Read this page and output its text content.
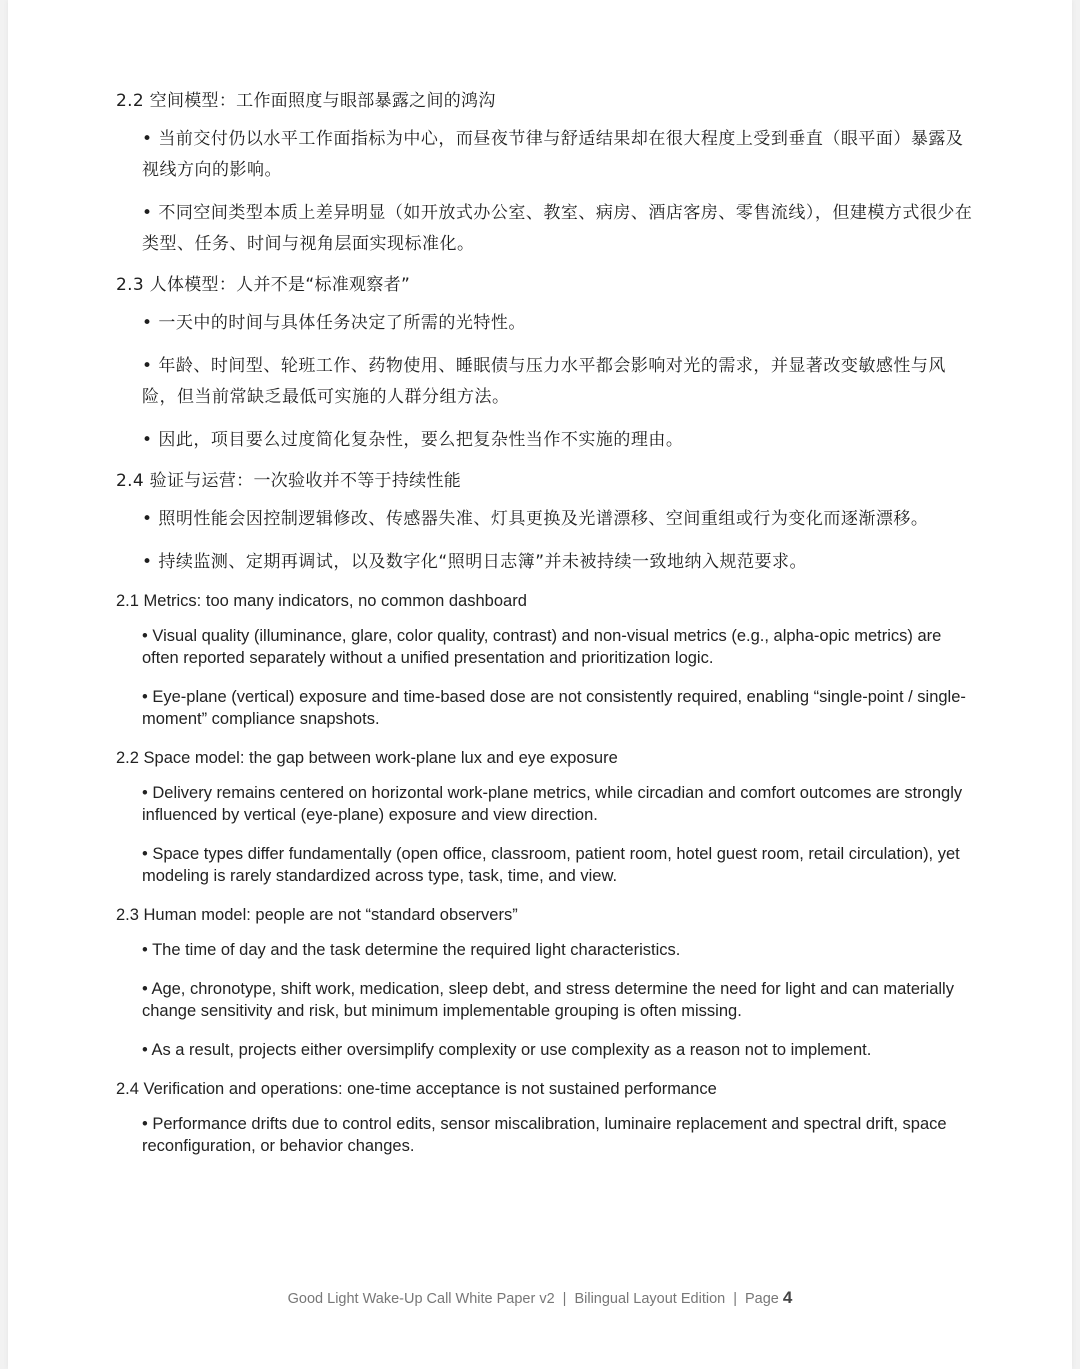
2.2 空间模型：工作面照度与眼部暴露之间的鸿沟

• 当前交付仍以水平工作面指标为中心，而昼夜节律与舒适结果却在很大程度上受到垂直（眼平面）暴露及视线方向的影响。

• 不同空间类型本质上差异明显（如开放式办公室、教室、病房、酒店客房、零售流线），但建模方式很少在类型、任务、时间与视角层面实现标准化。

2.3 人体模型：人并不是“标准观察者”

• 一天中的时间与具体任务决定了所需的光特性。

• 年龄、时间型、轮班工作、药物使用、睡眠债与压力水平都会影响对光的需求，并显著改变敏感性与风险，但当前常缺乏最低可实施的人群分组方法。

• 因此，项目要么过度简化复杂性，要么把复杂性当作不实施的理由。

2.4 验证与运营：一次验收并不等于持续性能

• 照明性能会因控制逻辑修改、传感器失准、灯具更换及光谱漂移、空间重组或行为变化而逐渐漂移。

• 持续监测、定期再调试，以及数字化“照明日志簿”并未被持续一致地纳入规范要求。

2.1 Metrics: too many indicators, no common dashboard

• Visual quality (illuminance, glare, color quality, contrast) and non-visual metrics (e.g., alpha-opic metrics) are often reported separately without a unified presentation and prioritization logic.

• Eye-plane (vertical) exposure and time-based dose are not consistently required, enabling “single-point / single-moment” compliance snapshots.

2.2 Space model: the gap between work-plane lux and eye exposure

• Delivery remains centered on horizontal work-plane metrics, while circadian and comfort outcomes are strongly influenced by vertical (eye-plane) exposure and view direction.

• Space types differ fundamentally (open office, classroom, patient room, hotel guest room, retail circulation), yet modeling is rarely standardized across type, task, time, and view.

2.3 Human model: people are not “standard observers”

• The time of day and the task determine the required light characteristics.

• Age, chronotype, shift work, medication, sleep debt, and stress determine the need for light and can materially change sensitivity and risk, but minimum implementable grouping is often missing.

• As a result, projects either oversimplify complexity or use complexity as a reason not to implement.

2.4 Verification and operations: one-time acceptance is not sustained performance

• Performance drifts due to control edits, sensor miscalibration, luminaire replacement and spectral drift, space reconfiguration, or behavior changes.

Good Light Wake-Up Call White Paper v2 | Bilingual Layout Edition | Page 4
